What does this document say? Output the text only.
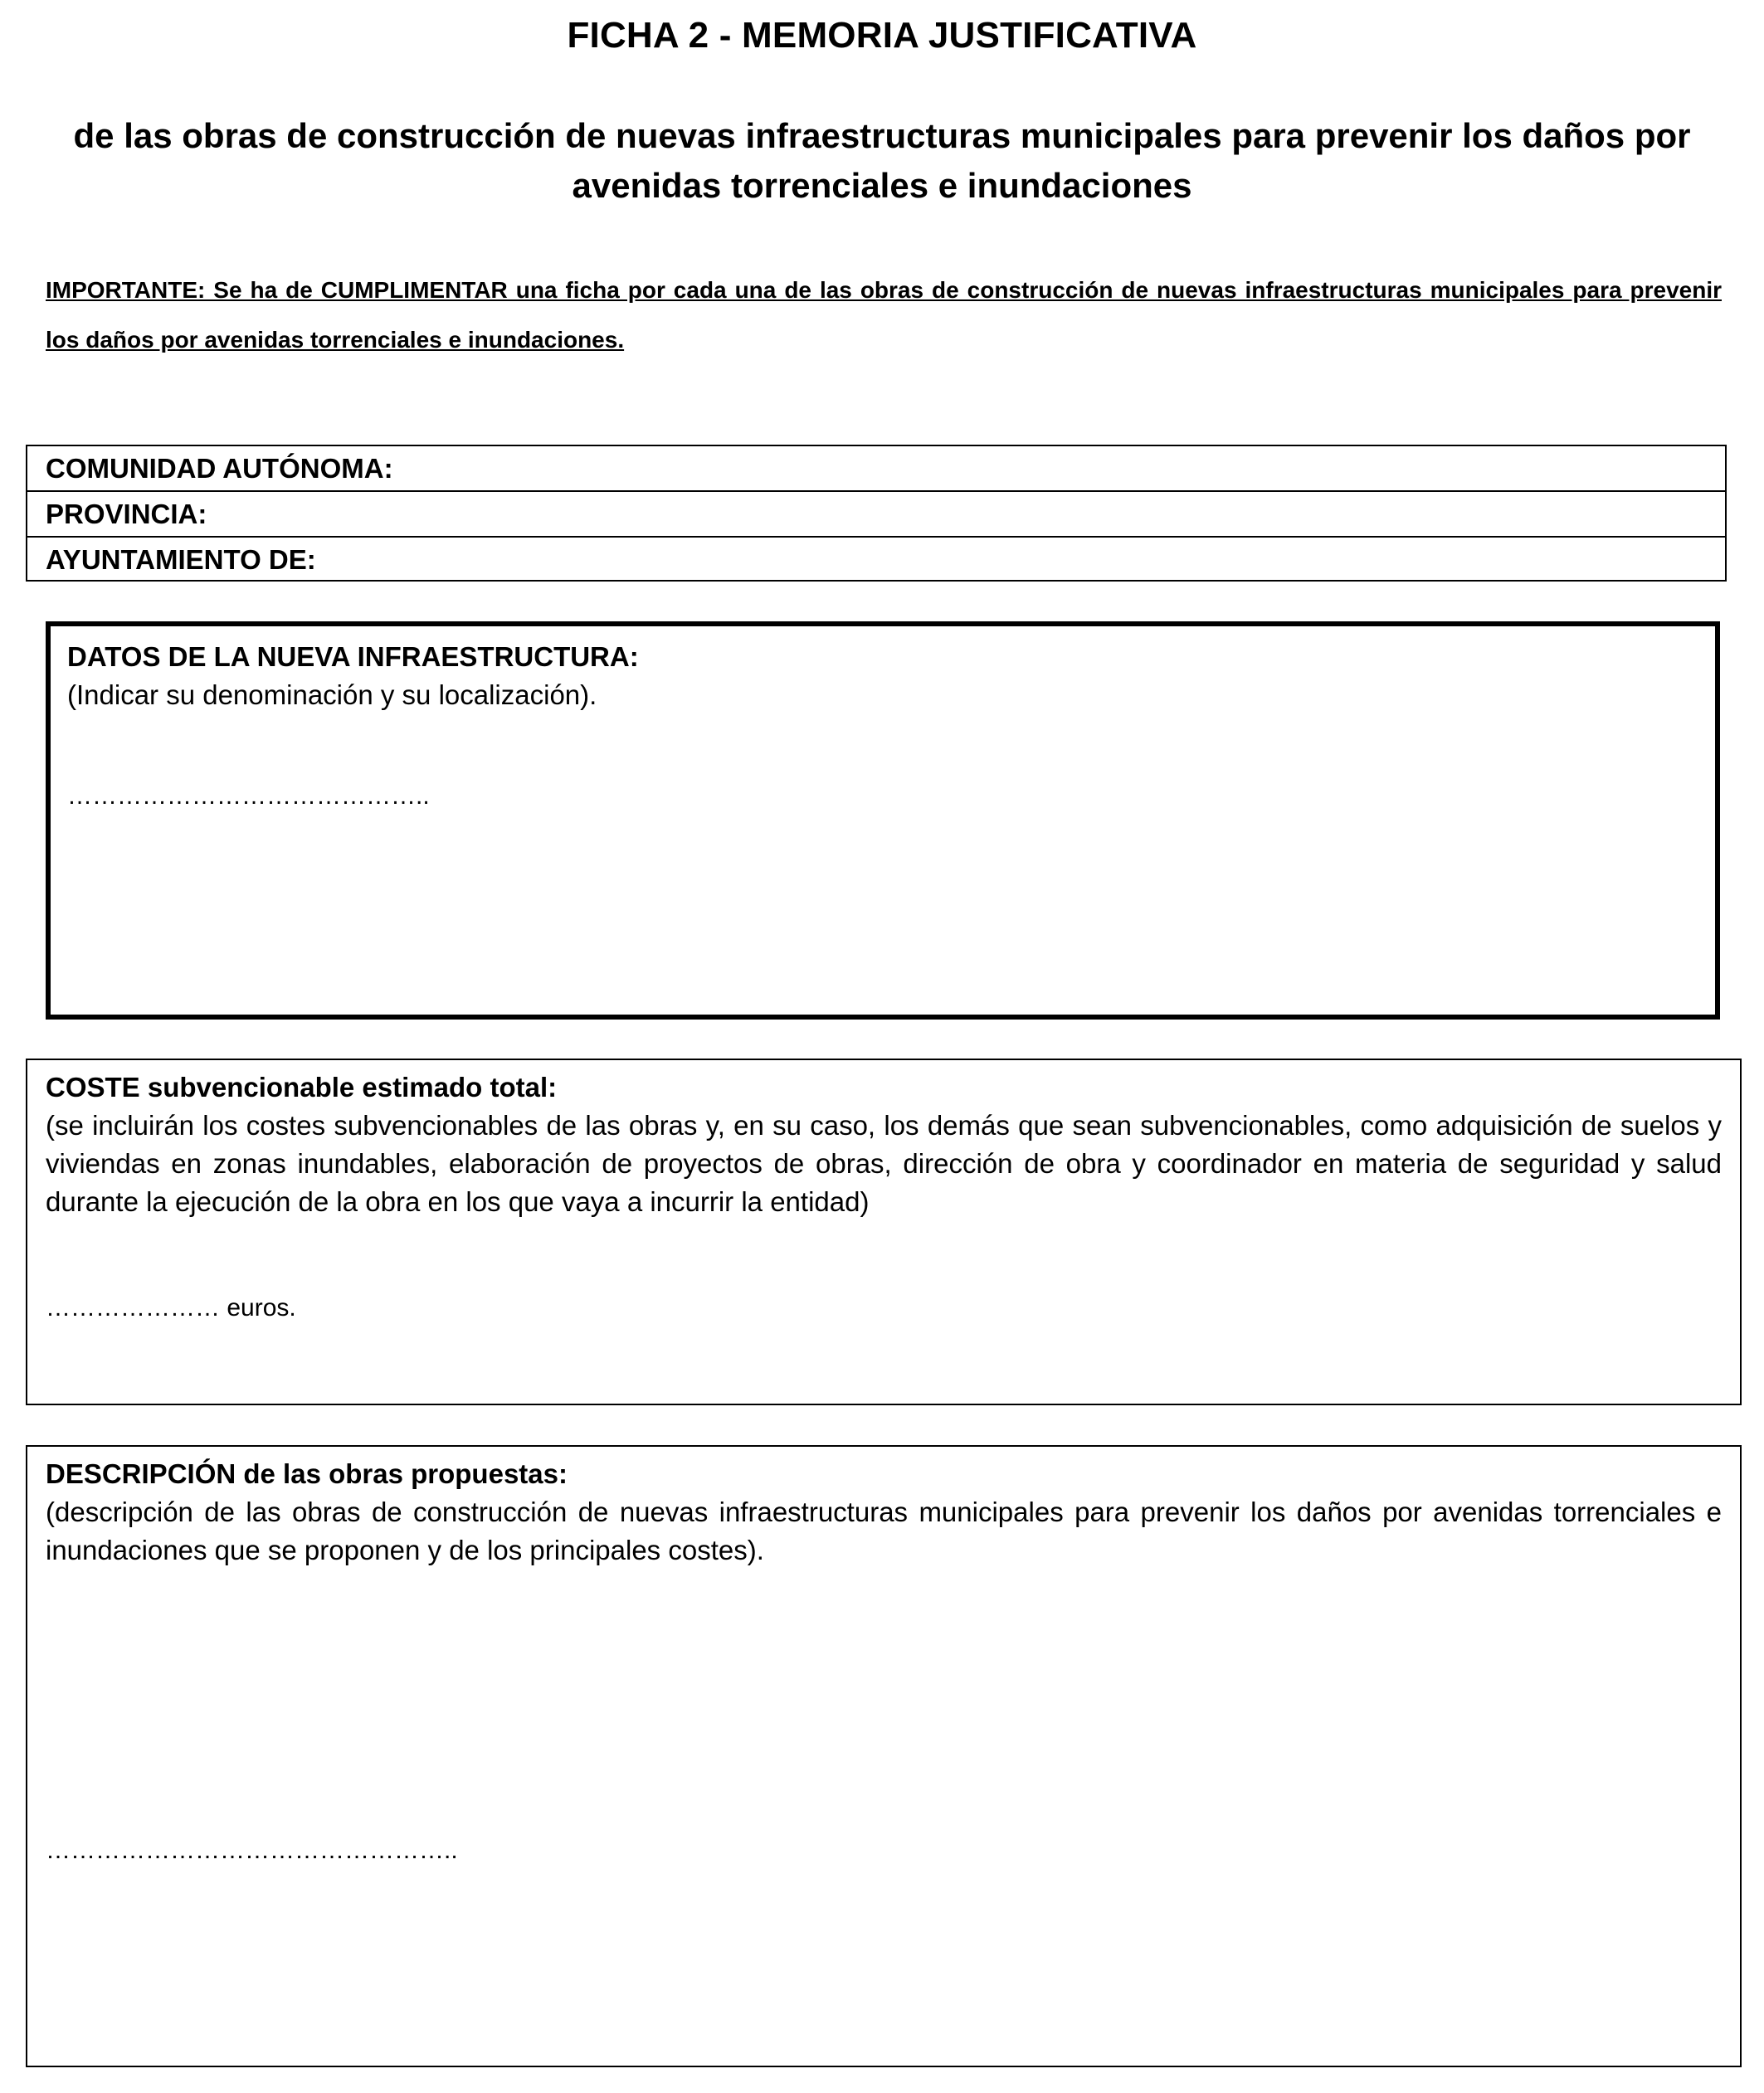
FICHA 2 - MEMORIA JUSTIFICATIVA
de las obras de construcción de nuevas infraestructuras municipales para prevenir los daños por avenidas torrenciales e inundaciones
IMPORTANTE: Se ha de CUMPLIMENTAR una ficha por cada una de las obras de construcción de nuevas infraestructuras municipales para prevenir los daños por avenidas torrenciales e inundaciones.
COMUNIDAD AUTÓNOMA:
PROVINCIA:
AYUNTAMIENTO DE:
DATOS DE LA NUEVA INFRAESTRUCTURA:
(Indicar su denominación y su localización).
……………………………………..
COSTE subvencionable estimado total:
(se incluirán los costes subvencionables de las obras y, en su caso, los demás que sean subvencionables, como adquisición de suelos y viviendas en zonas inundables, elaboración de proyectos de obras, dirección de obra y coordinador en materia de seguridad y salud durante la ejecución de la obra en los que vaya a incurrir la entidad)
………………… euros.
DESCRIPCIÓN de las obras propuestas:
(descripción de las obras de construcción de nuevas infraestructuras municipales para prevenir los daños por avenidas torrenciales e inundaciones que se proponen y de los principales costes).
…………………………………………..
